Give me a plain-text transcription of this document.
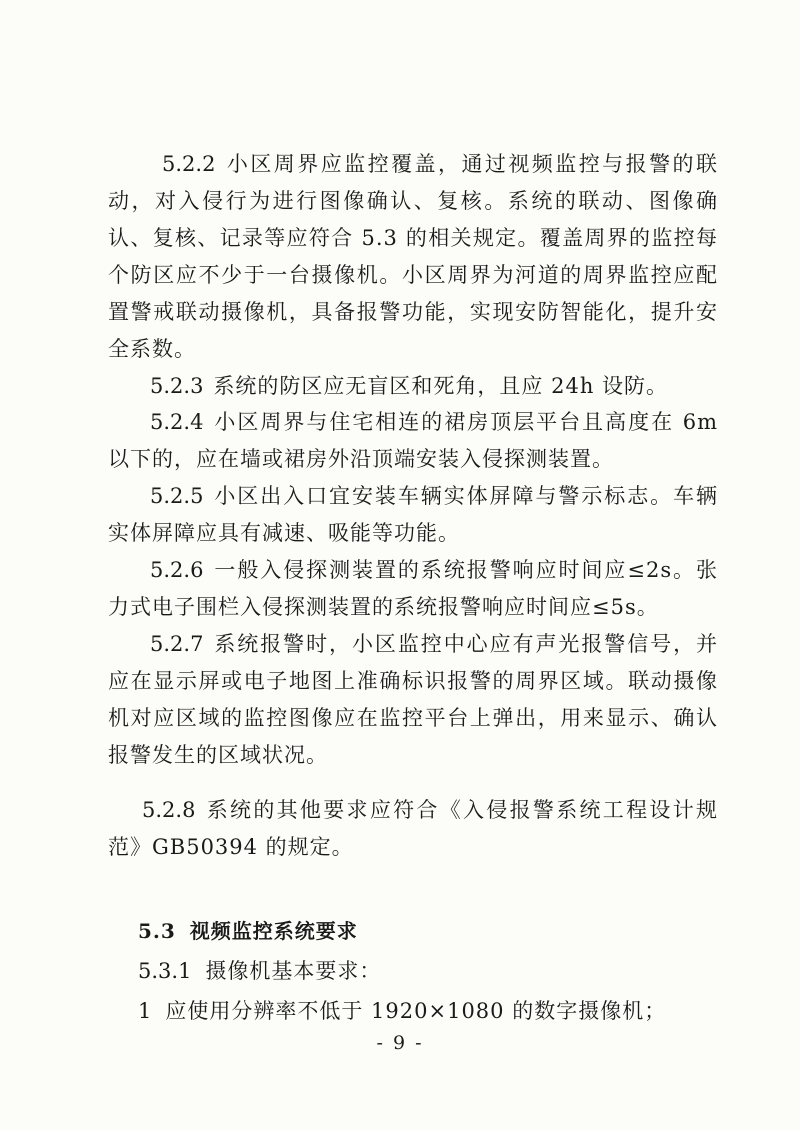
5.2.2 小区周界应监控覆盖，通过视频监控与报警的联动，对入侵行为进行图像确认、复核。系统的联动、图像确认、复核、记录等应符合 5.3 的相关规定。覆盖周界的监控每个防区应不少于一台摄像机。小区周界为河道的周界监控应配置警戒联动摄像机，具备报警功能，实现安防智能化，提升安全系数。

5.2.3 系统的防区应无盲区和死角，且应 24h 设防。

5.2.4 小区周界与住宅相连的裙房顶层平台且高度在 6m 以下的，应在墙或裙房外沿顶端安装入侵探测装置。

5.2.5 小区出入口宜安装车辆实体屏障与警示标志。车辆实体屏障应具有减速、吸能等功能。

5.2.6 一般入侵探测装置的系统报警响应时间应≤2s。张力式电子围栏入侵探测装置的系统报警响应时间应≤5s。

5.2.7 系统报警时，小区监控中心应有声光报警信号，并应在显示屏或电子地图上准确标识报警的周界区域。联动摄像机对应区域的监控图像应在监控平台上弹出，用来显示、确认报警发生的区域状况。

5.2.8 系统的其他要求应符合《入侵报警系统工程设计规范》GB50394 的规定。

5.3 视频监控系统要求
5.3.1 摄像机基本要求：
1 应使用分辨率不低于 1920×1080 的数字摄像机；
- 9 -
